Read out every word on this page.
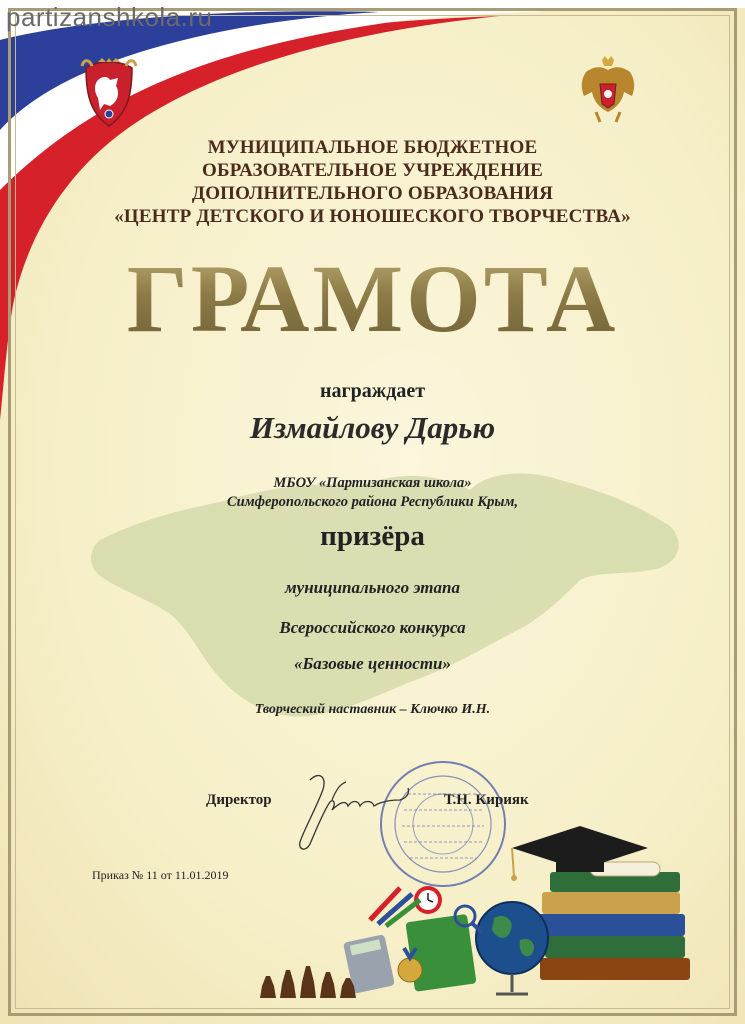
partizanshkola.ru
МУНИЦИПАЛЬНОЕ БЮДЖЕТНОЕ
ОБРАЗОВАТЕЛЬНОЕ УЧРЕЖДЕНИЕ
ДОПОЛНИТЕЛЬНОГО ОБРАЗОВАНИЯ
«ЦЕНТР ДЕТСКОГО И ЮНОШЕСКОГО ТВОРЧЕСТВА»
ГРАМОТА
награждает
Измайлову Дарью
МБОУ «Партизанская школа»
Симферопольского района Республики Крым,
призёра
муниципального этапа
Всероссийского конкурса
«Базовые ценности»
Творческий наставник – Ключко И.Н.
Директор	Т.Н. Кирияк
Приказ № 11 от 11.01.2019
